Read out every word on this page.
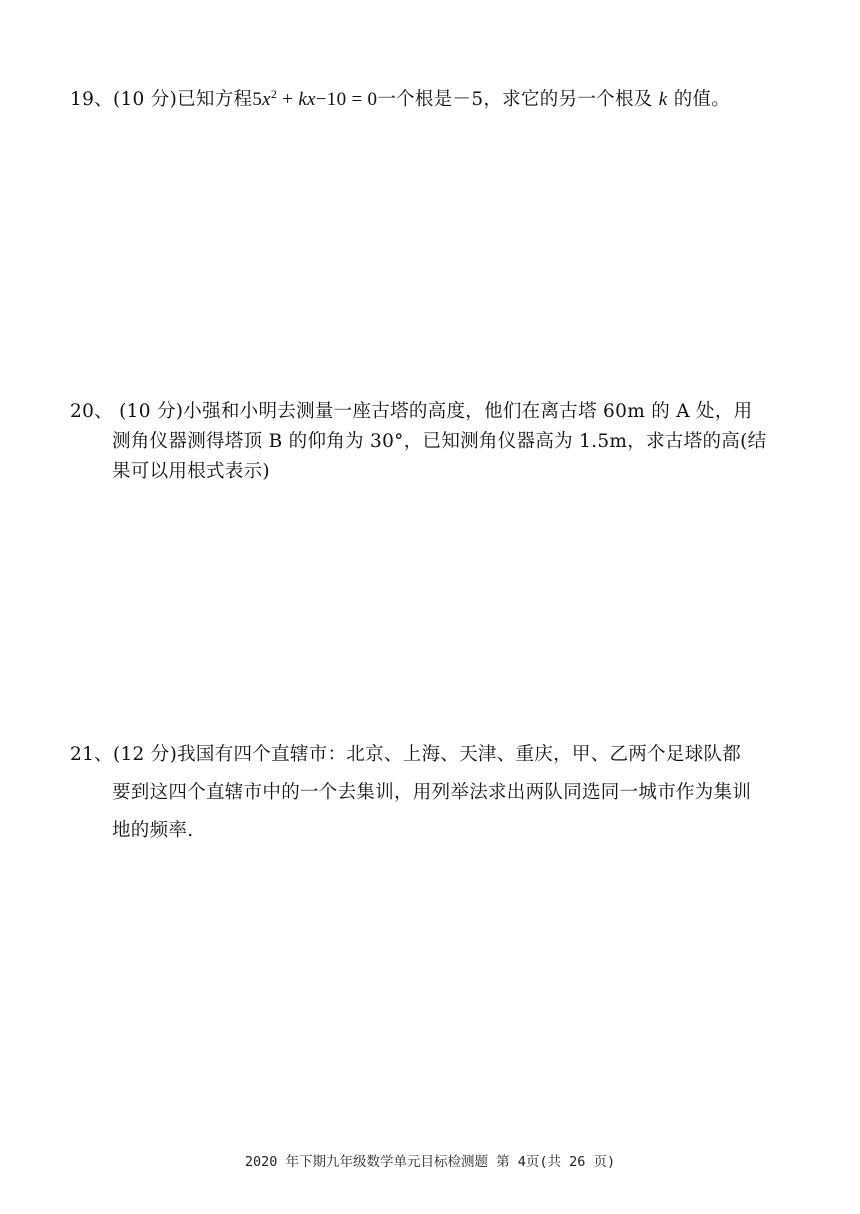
19、(10 分)已知方程$5x^2 + kx-10 = 0$一个根是－5，求它的另一个根及 k 的值。
20、 (10 分)小强和小明去测量一座古塔的高度，他们在离古塔 60m 的 A 处，用
测角仪器测得塔顶 B 的仰角为 30°，已知测角仪器高为 1.5m，求古塔的高(结
果可以用根式表示)
21、(12 分)我国有四个直辖市：北京、上海、天津、重庆，甲、乙两个足球队都
要到这四个直辖市中的一个去集训，用列举法求出两队同选同一城市作为集训
地的频率.
2020 年下期九年级数学单元目标检测题 第 4页(共 26 页)
